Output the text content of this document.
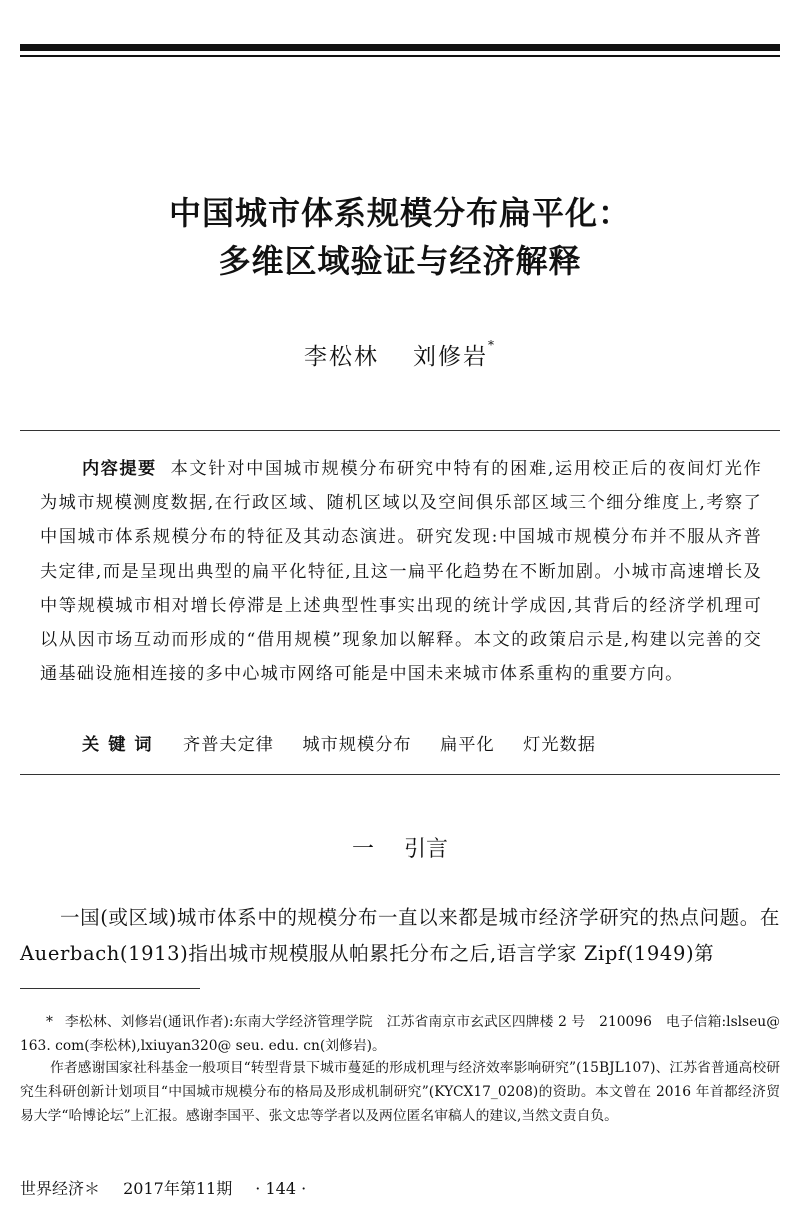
中国城市体系规模分布扁平化：
多维区域验证与经济解释
李松林 刘修岩*
内容提要 本文针对中国城市规模分布研究中特有的困难,运用校正后的夜间灯光作为城市规模测度数据,在行政区域、随机区域以及空间俱乐部区域三个细分维度上,考察了中国城市体系规模分布的特征及其动态演进。研究发现:中国城市规模分布并不服从齐普夫定律,而是呈现出典型的扁平化特征,且这一扁平化趋势在不断加剧。小城市高速增长及中等规模城市相对增长停滞是上述典型性事实出现的统计学成因,其背后的经济学机理可以从因市场互动而形成的“借用规模”现象加以解释。本文的政策启示是,构建以完善的交通基础设施相连接的多中心城市网络可能是中国未来城市体系重构的重要方向。
关键词 齐普夫定律 城市规模分布 扁平化 灯光数据
一 引言
一国(或区域)城市体系中的规模分布一直以来都是城市经济学研究的热点问题。在 Auerbach(1913)指出城市规模服从帕累托分布之后,语言学家 Zipf(1949)第
* 李松林、刘修岩(通讯作者):东南大学经济管理学院　江苏省南京市玄武区四牌楼 2 号　210096　电子信箱:lslseu@ 163. com(李松林),lxiuyan320@ seu. edu. cn(刘修岩)。
作者感谢国家社科基金一般项目“转型背景下城市蔓延的形成机理与经济效率影响研究”(15BJL107)、江苏省普通高校研究生科研创新计划项目“中国城市规模分布的格局及形成机制研究”(KYCX17_0208)的资助。本文曾在 2016 年首都经济贸易大学“哈博论坛”上汇报。感谢李国平、张文忠等学者以及两位匿名审稿人的建议,当然文责自负。
世界经济＊ 2017年第11期 · 144 ·
